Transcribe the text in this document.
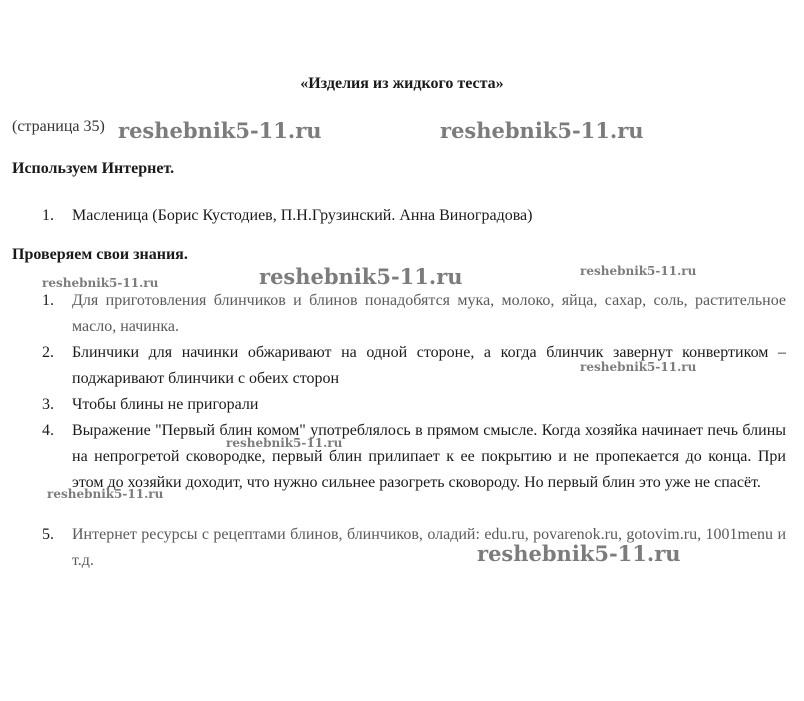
«Изделия из жидкого теста»
(страница 35)
Используем Интернет.
1. Масленица (Борис Кустодиев, П.Н.Грузинский. Анна Виноградова)
Проверяем свои знания.
1. Для приготовления блинчиков и блинов понадобятся мука, молоко, яйца, сахар, соль, растительное масло, начинка.
2. Блинчики для начинки обжаривают на одной стороне, а когда блинчик завернут конвертиком – поджаривают блинчики с обеих сторон
3. Чтобы блины не пригорали
4. Выражение "Первый блин комом" употреблялось в прямом смысле. Когда хозяйка начинает печь блины на непрогретой сковородке, первый блин прилипает к ее покрытию и не пропекается до конца. При этом до хозяйки доходит, что нужно сильнее разогреть сковороду. Но первый блин это уже не спасёт.
5. Интернет ресурсы с рецептами блинов, блинчиков, оладий: edu.ru, povarenok.ru, gotovim.ru, 1001menu и т.д.
reshebnik5-11.ru	reshebnik5-11.ru
reshebnik5-11.ru	reshebnik5-11.ru
reshebnik5-11.ru
reshebnik5-11.ru
reshebnik5-11.ru
reshebnik5-11.ru
reshebnik5-11.ru
